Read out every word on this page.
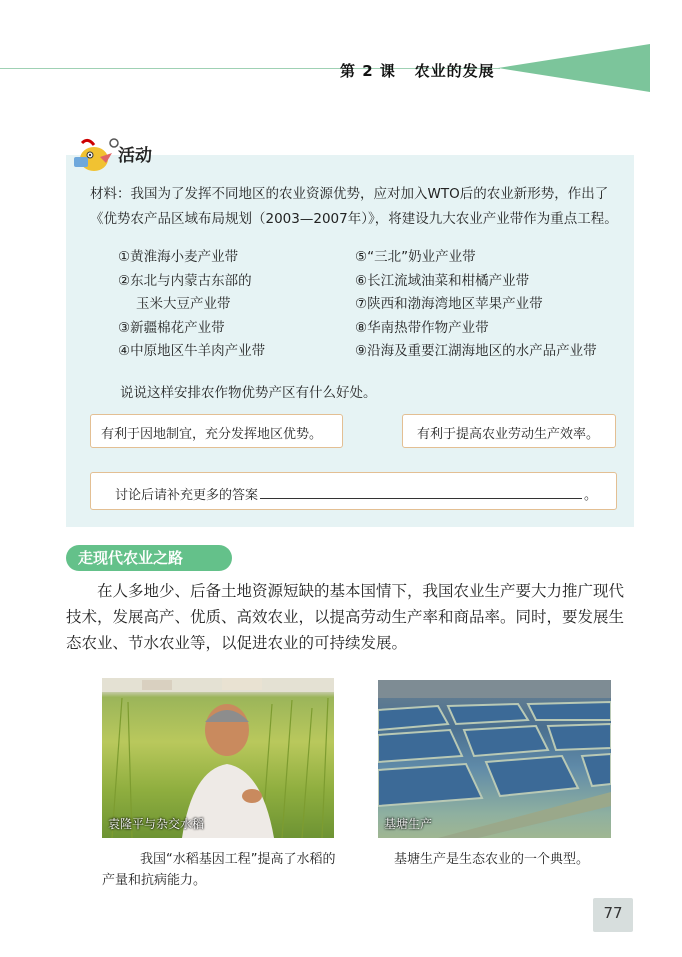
第 2 课 农业的发展
活动
材料：我国为了发挥不同地区的农业资源优势，应对加入WTO后的农业新形势，作出了《优势农产品区域布局规划（2003—2007年）》，将建设九大农业产业带作为重点工程。
①黄淮海小麦产业带
②东北与内蒙古东部的
玉米大豆产业带
③新疆棉花产业带
④中原地区牛羊肉产业带
⑤“三北”奶业产业带
⑥长江流域油菜和柑橘产业带
⑦陕西和渤海湾地区苹果产业带
⑧华南热带作物产业带
⑨沿海及重要江湖海地区的水产品产业带
说说这样安排农作物优势产区有什么好处。
有利于因地制宜，充分发挥地区优势。	有利于提高农业劳动生产效率。
讨论后请补充更多的答案	。
走现代农业之路
在人多地少、后备土地资源短缺的基本国情下，我国农业生产要大力推广现代技术，发展高产、优质、高效农业，以提高劳动生产率和商品率。同时，要发展生态农业、节水农业等，以促进农业的可持续发展。
袁隆平与杂交水稻	基塘生产
我国“水稻基因工程”提高了水稻的产量和抗病能力。
基塘生产是生态农业的一个典型。
77
